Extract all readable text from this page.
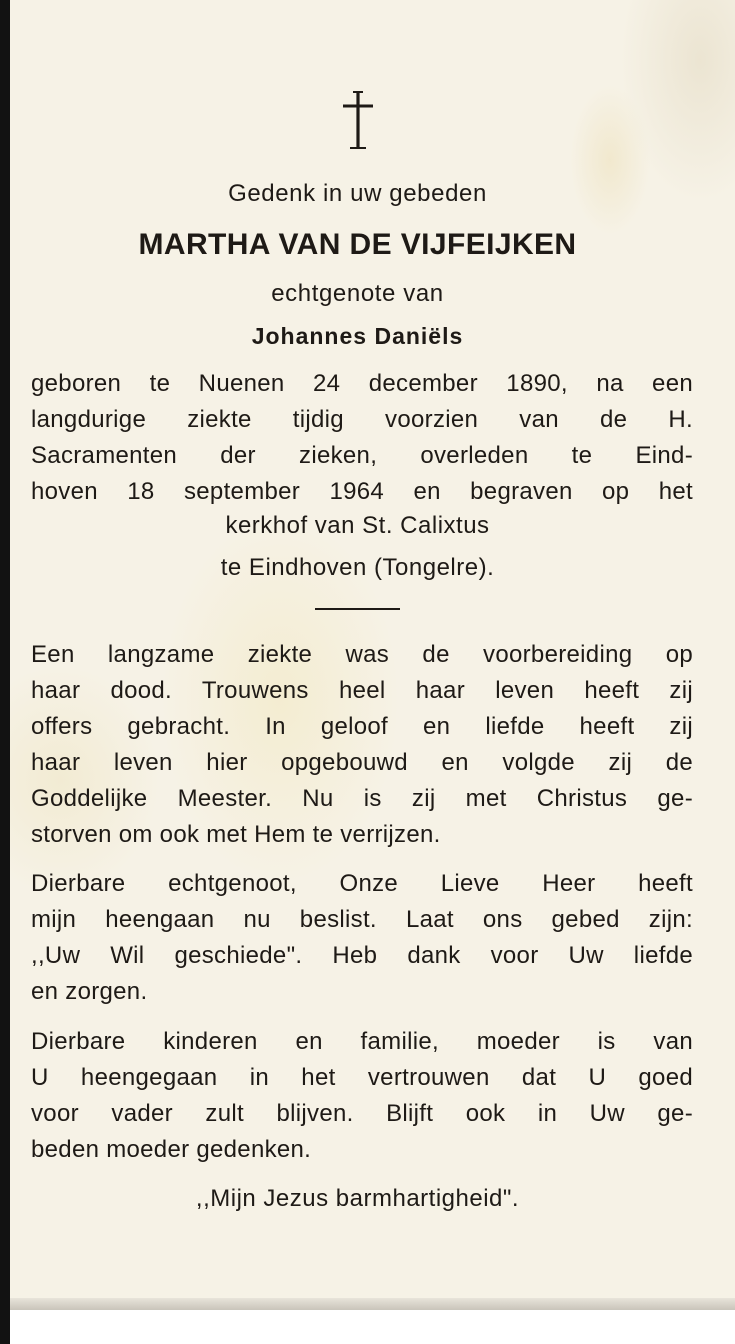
Gedenk in uw gebeden
MARTHA VAN DE VIJFEIJKEN
echtgenote van
Johannes Daniëls
geboren te Nuenen 24 december 1890, na een
langdurige ziekte tijdig voorzien van de H.
Sacramenten der zieken, overleden te Eind-
hoven 18 september 1964 en begraven op het
kerkhof van St. Calixtus
te Eindhoven (Tongelre).
Een langzame ziekte was de voorbereiding op
haar dood. Trouwens heel haar leven heeft zij
offers gebracht. In geloof en liefde heeft zij
haar leven hier opgebouwd en volgde zij de
Goddelijke Meester. Nu is zij met Christus ge-
storven om ook met Hem te verrijzen.
Dierbare echtgenoot, Onze Lieve Heer heeft
mijn heengaan nu beslist. Laat ons gebed zijn:
,,Uw Wil geschiede". Heb dank voor Uw liefde
en zorgen.
Dierbare kinderen en familie, moeder is van
U heengegaan in het vertrouwen dat U goed
voor vader zult blijven. Blijft ook in Uw ge-
beden moeder gedenken.
,,Mijn Jezus barmhartigheid".
